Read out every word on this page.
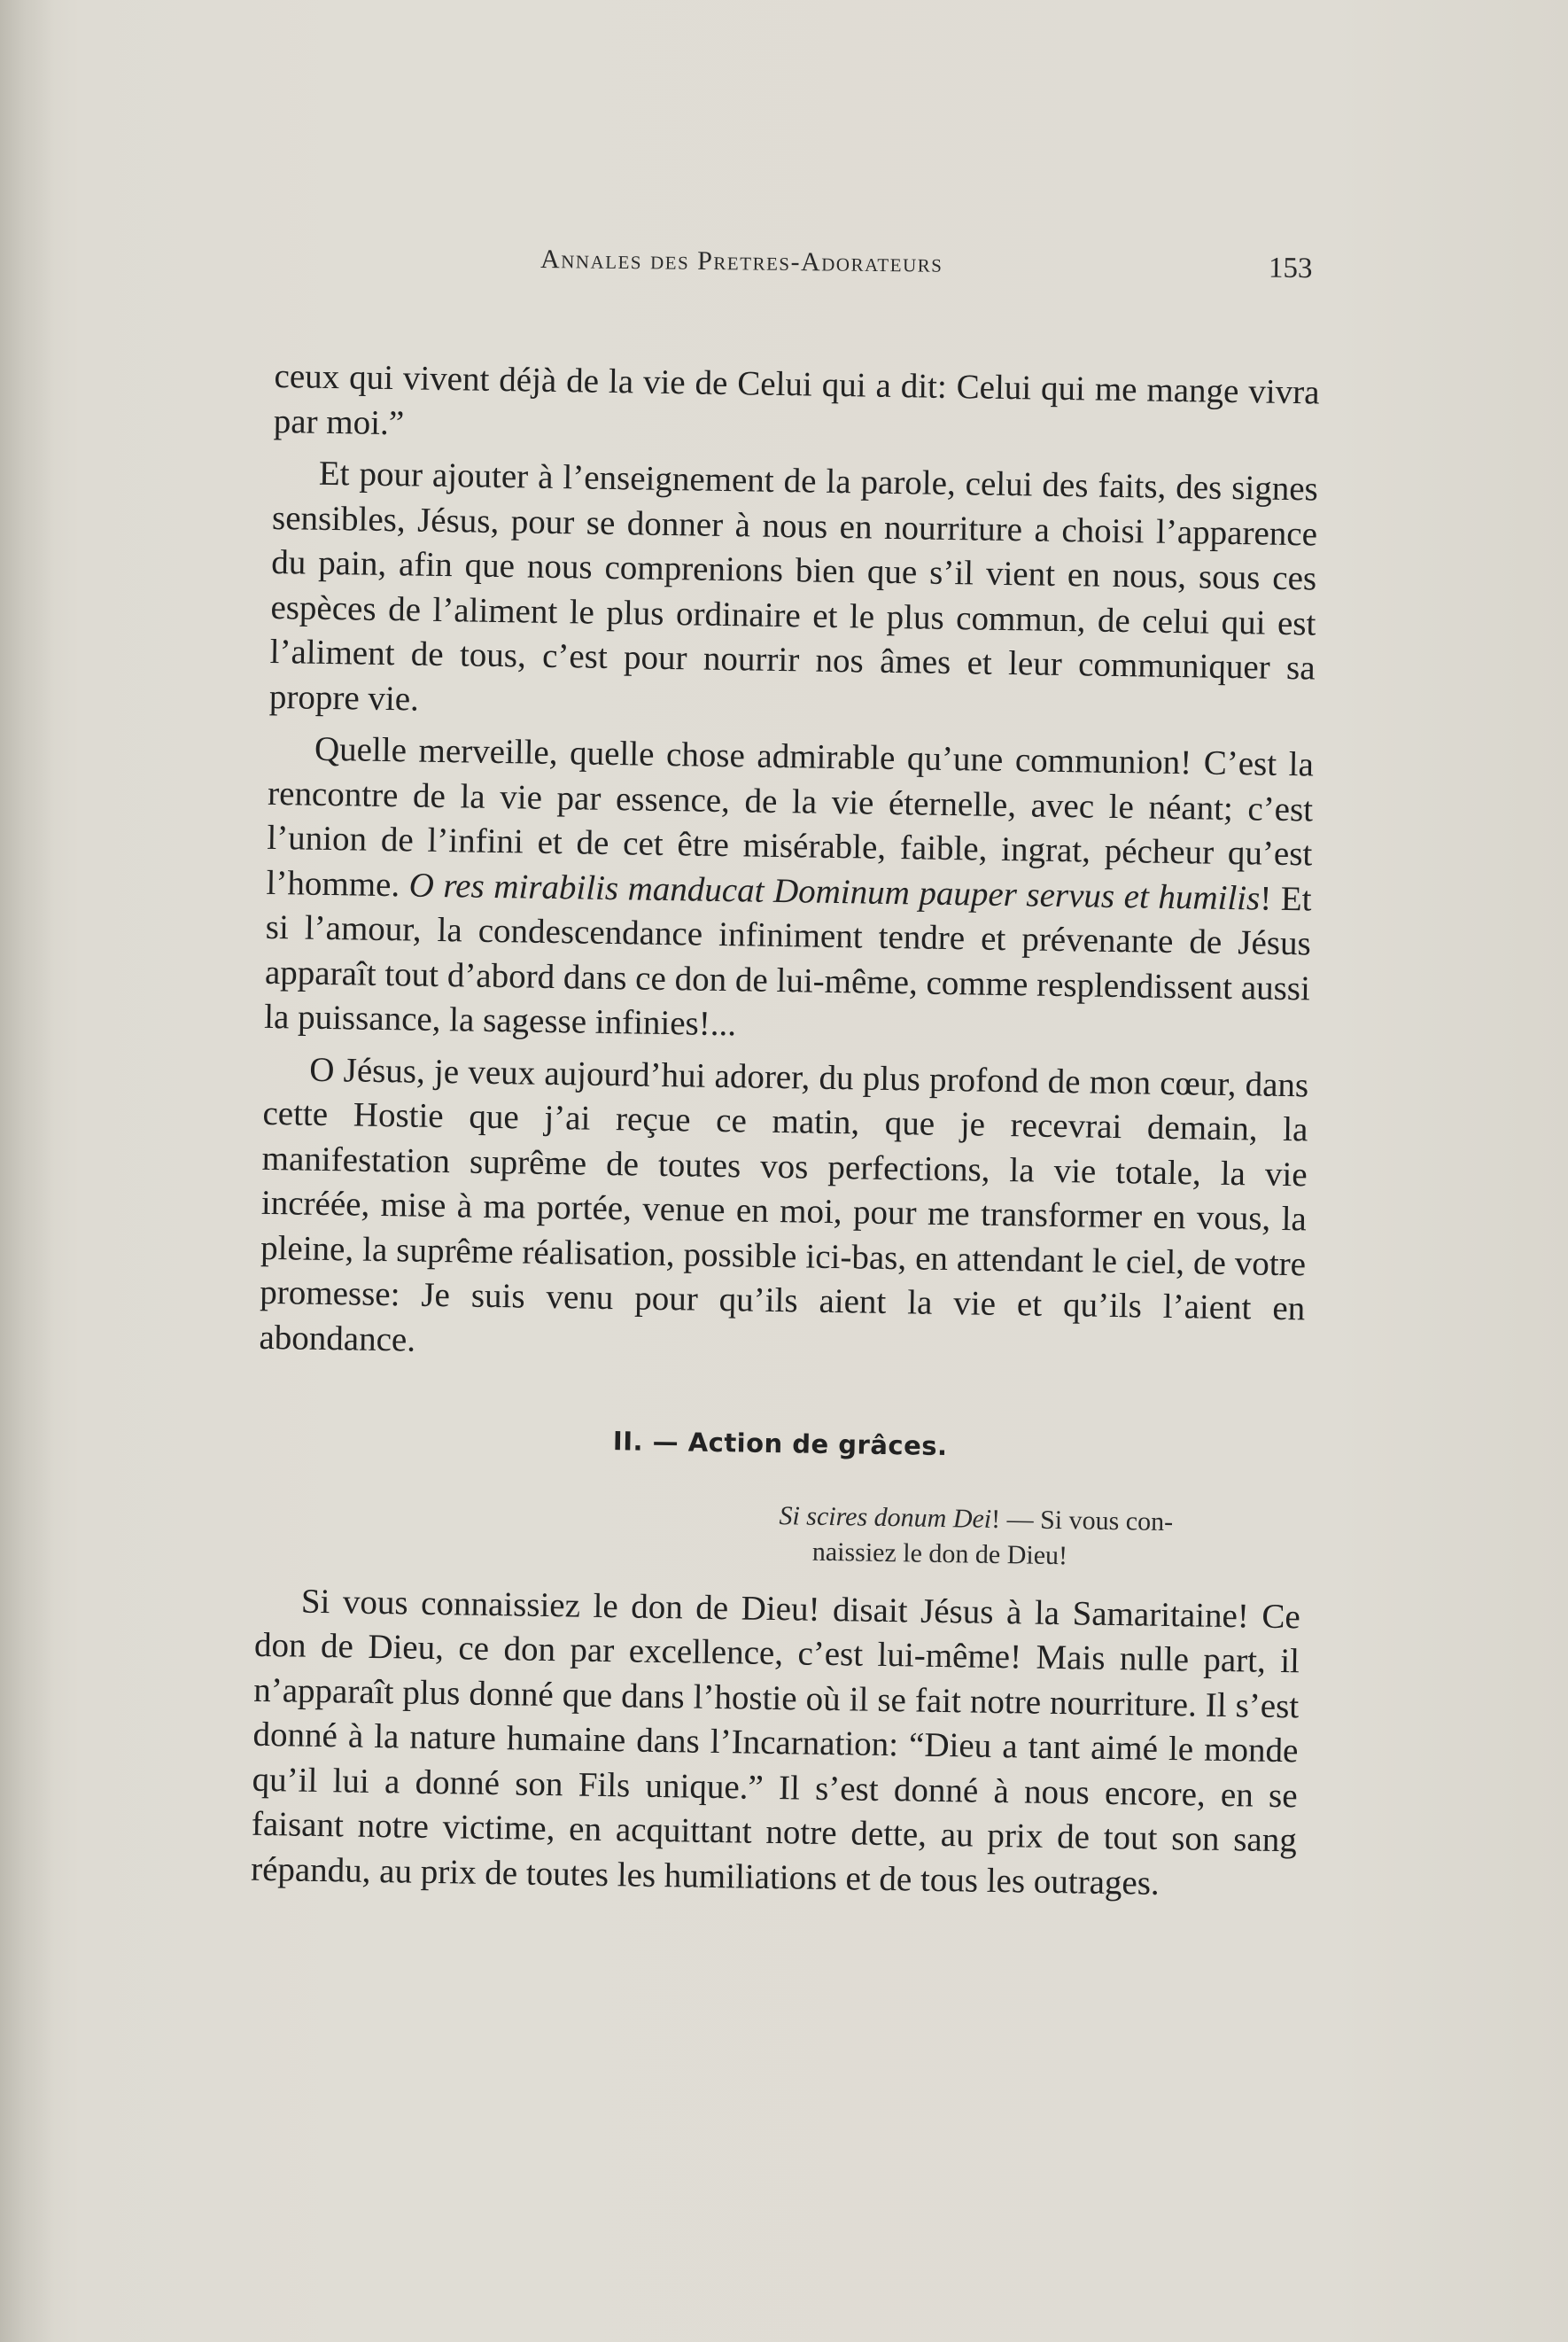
Annales des Pretres-Adorateurs	153

ceux qui vivent déjà de la vie de Celui qui a dit: Celui qui me mange vivra par moi.”

Et pour ajouter à l’enseignement de la parole, celui des faits, des signes sensibles, Jésus, pour se donner à nous en nourriture a choisi l’apparence du pain, afin que nous comprenions bien que s’il vient en nous, sous ces espèces de l’aliment le plus ordinaire et le plus commun, de celui qui est l’aliment de tous, c’est pour nourrir nos âmes et leur communiquer sa propre vie.

Quelle merveille, quelle chose admirable qu’une communion! C’est la rencontre de la vie par essence, de la vie éternelle, avec le néant; c’est l’union de l’infini et de cet être misérable, faible, ingrat, pécheur qu’est l’homme. O res mirabilis manducat Dominum pauper servus et humilis! Et si l’amour, la condescendance infiniment tendre et prévenante de Jésus apparaît tout d’abord dans ce don de lui-même, comme resplendissent aussi la puissance, la sagesse infinies!...

O Jésus, je veux aujourd’hui adorer, du plus profond de mon cœur, dans cette Hostie que j’ai reçue ce matin, que je recevrai demain, la manifestation suprême de toutes vos perfections, la vie totale, la vie incréée, mise à ma portée, venue en moi, pour me transformer en vous, la pleine, la suprême réalisation, possible ici-bas, en attendant le ciel, de votre promesse: Je suis venu pour qu’ils aient la vie et qu’ils l’aient en abondance.

II. — Action de grâces.
Si scires donum Dei! — Si vous con-
naissiez le don de Dieu!

Si vous connaissiez le don de Dieu! disait Jésus à la Samaritaine! Ce don de Dieu, ce don par excellence, c’est lui-même! Mais nulle part, il n’apparaît plus donné que dans l’hostie où il se fait notre nourriture. Il s’est donné à la nature humaine dans l’Incarnation: “Dieu a tant aimé le monde qu’il lui a donné son Fils unique.” Il s’est donné à nous encore, en se faisant notre victime, en acquittant notre dette, au prix de tout son sang répandu, au prix de toutes les humiliations et de tous les outrages.
